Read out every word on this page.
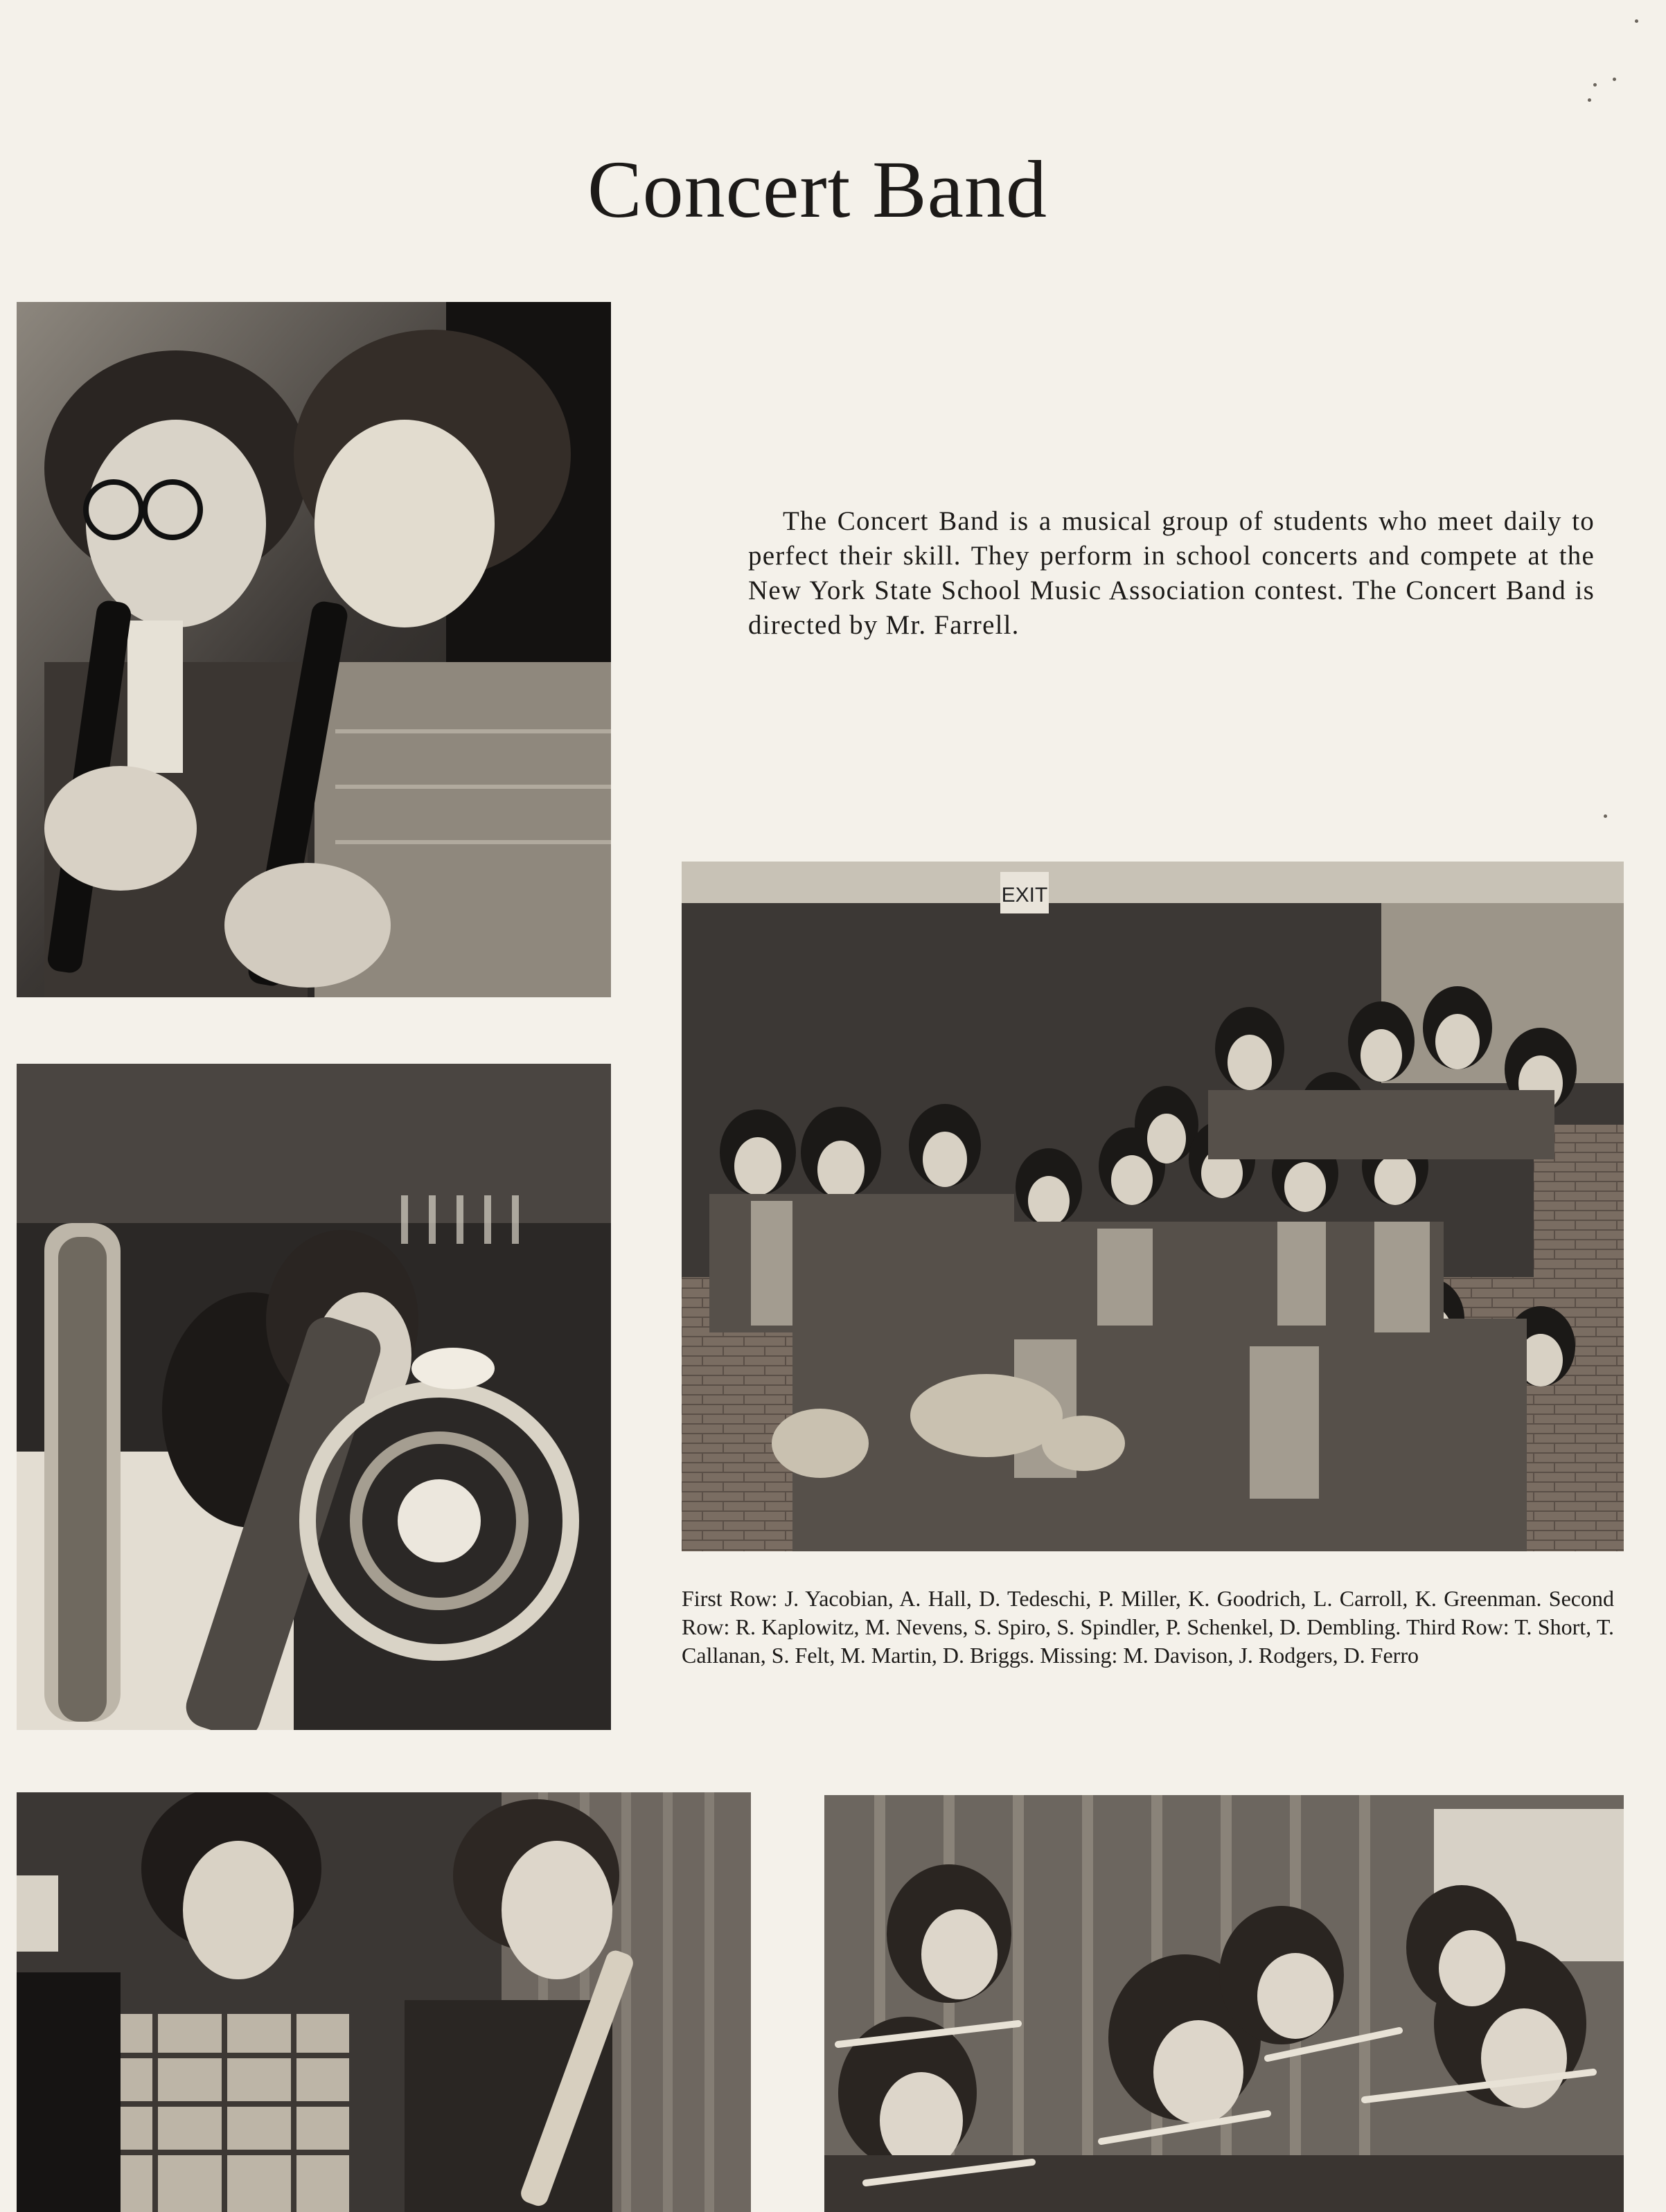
Concert Band

The Concert Band is a musical group of students who meet daily to perfect their skill. They perform in school concerts and compete at the New York State School Music Association contest. The Concert Band is directed by Mr. Farrell.

EXIT

First Row: J. Yacobian, A. Hall, D. Tedeschi, P. Miller, K. Goodrich, L. Carroll, K. Greenman. Second Row: R. Kaplowitz, M. Nevens, S. Spiro, S. Spindler, P. Schenkel, D. Dembling. Third Row: T. Short, T. Callanan, S. Felt, M. Martin, D. Briggs. Missing: M. Davison, J. Rodgers, D. Ferro
